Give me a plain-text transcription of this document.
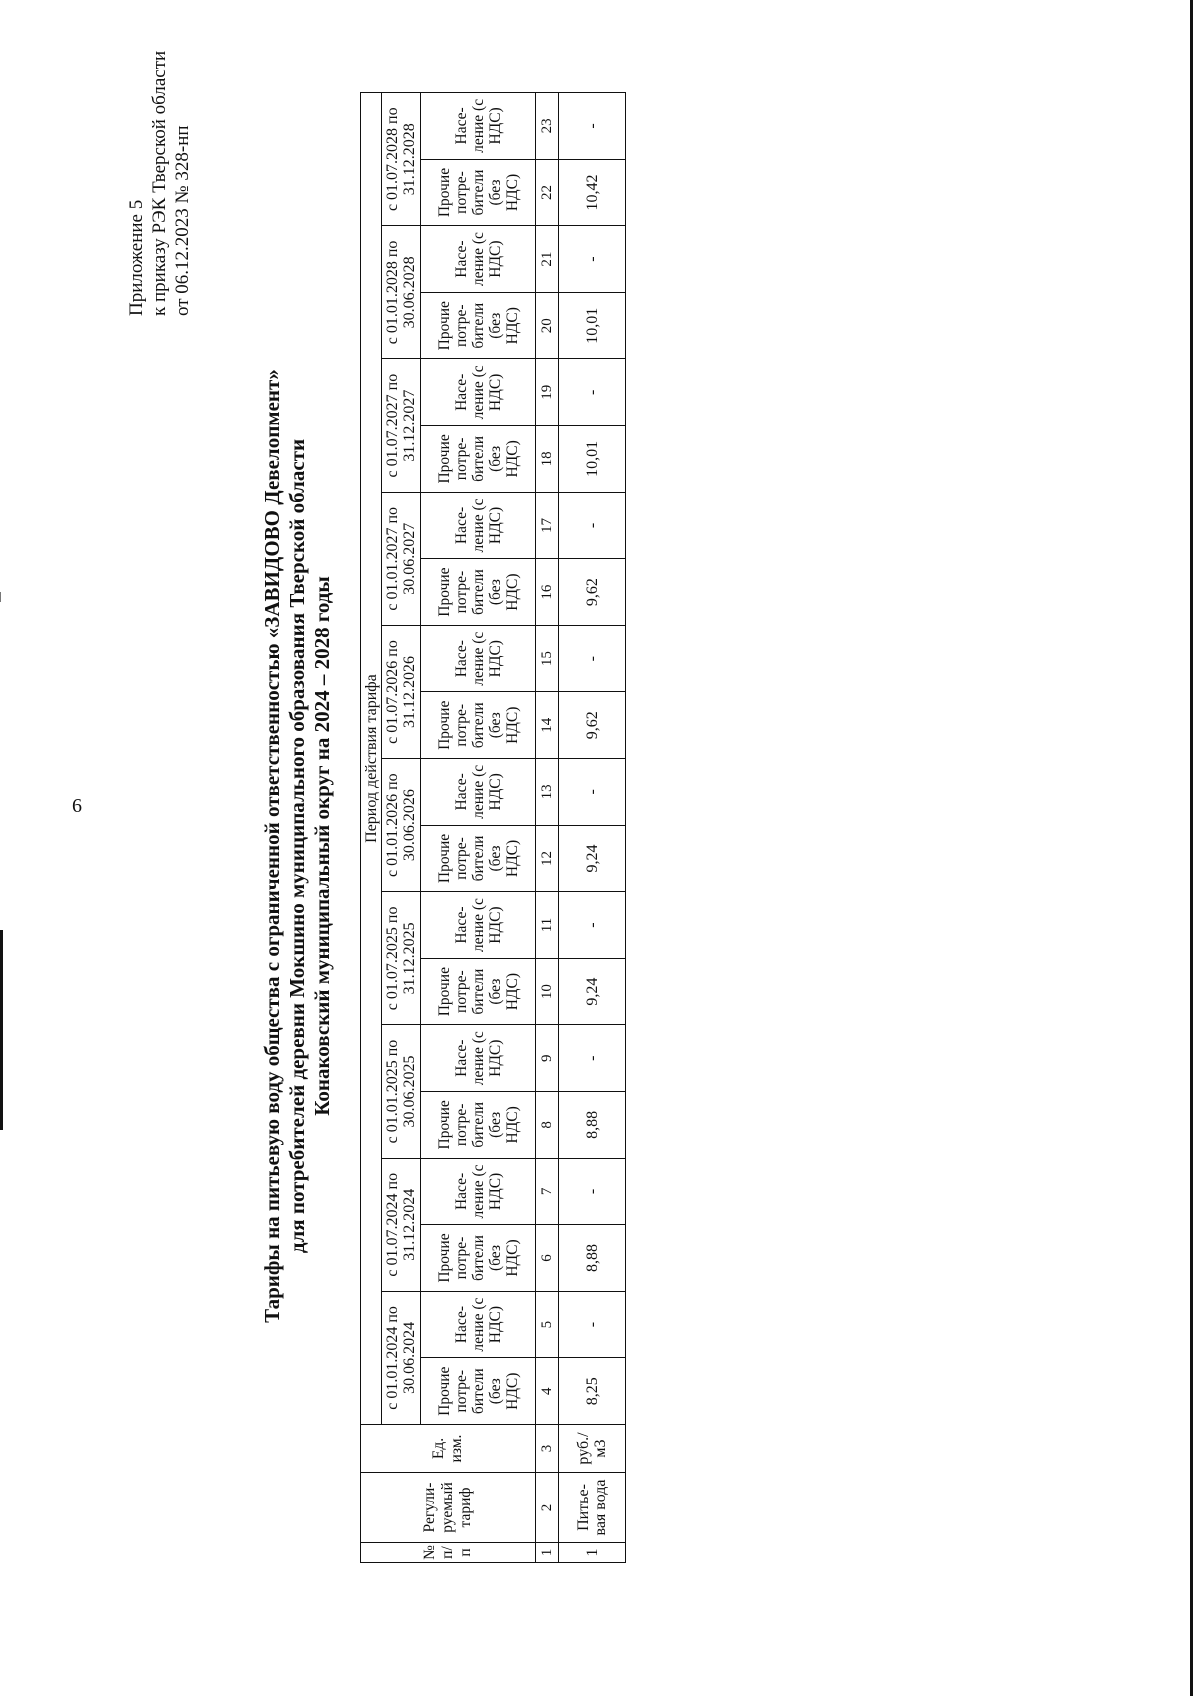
6
Приложение 5 к приказу РЭК Тверской области от 06.12.2023 № 328-нп
Тарифы на питьевую воду общества с ограниченной ответственностью «ЗАВИДОВО Девелопмент» для потребителей деревни Мокшино муниципального образования Тверской области Конаковский муниципальный округ на 2024 – 2028 годы
№ п/п	Регули-руемый тариф	Ед. изм.	Период действия тарифа																			
			с 01.01.2024 по 30.06.2024		с 01.07.2024 по 31.12.2024		с 01.01.2025 по 30.06.2025		с 01.07.2025 по 31.12.2025		с 01.01.2026 по 30.06.2026		с 01.07.2026 по 31.12.2026		с 01.01.2027 по 30.06.2027		с 01.07.2027 по 31.12.2027		с 01.01.2028 по 30.06.2028		с 01.07.2028 по 31.12.2028	
			Прочие потре-бители (без НДС)	Насе-ление (с НДС)	Прочие потре-бители (без НДС)	Насе-ление (с НДС)	Прочие потре-бители (без НДС)	Насе-ление (с НДС)	Прочие потре-бители (без НДС)	Насе-ление (с НДС)	Прочие потре-бители (без НДС)	Насе-ление (с НДС)	Прочие потре-бители (без НДС)	Насе-ление (с НДС)	Прочие потре-бители (без НДС)	Насе-ление (с НДС)	Прочие потре-бители (без НДС)	Насе-ление (с НДС)	Прочие потре-бители (без НДС)	Насе-ление (с НДС)	Прочие потре-бители (без НДС)	Насе-ление (с НДС)
1	2	3	4	5	6	7	8	9	10	11	12	13	14	15	16	17	18	19	20	21	22	23
1	Питье-вая вода	руб./м3	8,25	-	8,88	-	8,88	-	9,24	-	9,24	-	9,62	-	9,62	-	10,01	-	10,01	-	10,42	-
